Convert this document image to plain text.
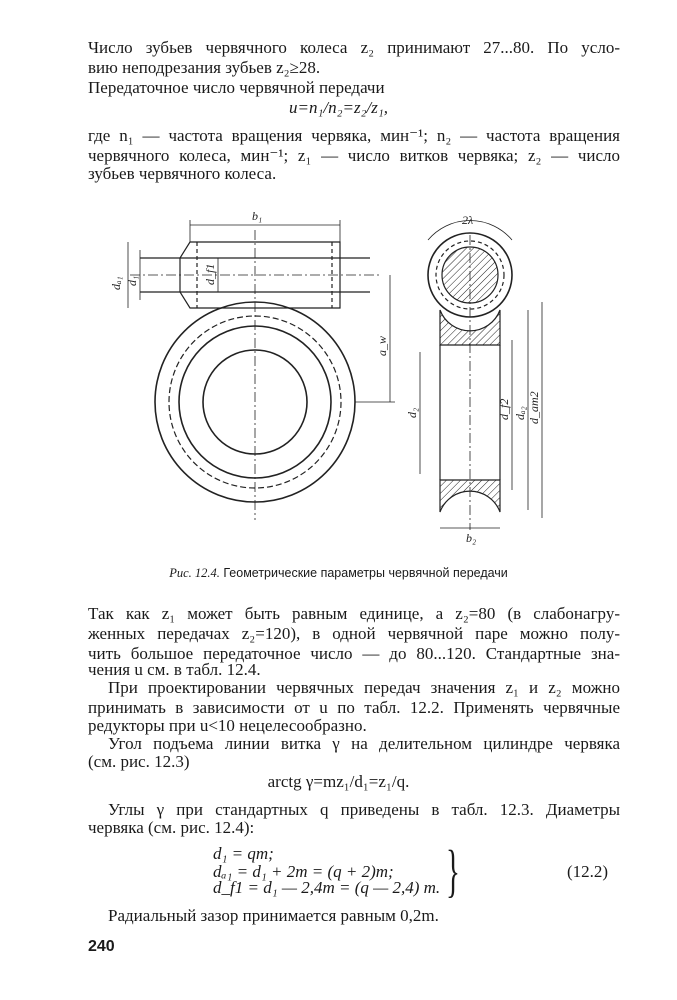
Число зубьев червячного колеса z₂ принимают 27...80. По усло-
вию неподрезания зубьев z₂≥28.
Передаточное число червячной передачи
u=n₁/n₂=z₂/z₁,
где n₁ — частота вращения червяка, мин⁻¹; n₂ — частота вращения
червячного колеса, мин⁻¹; z₁ — число витков червяка; z₂ — число
зубьев червячного колеса.
b₁
dₐ₁ d₁	d_f1
a_w
2λ
d₂	d_f2 dₐ₂ d_am2
b₂
Рис. 12.4. Геометрические параметры червячной передачи
Так как z₁ может быть равным единице, а z₂=80 (в слабонагру-
женных передачах z₂=120), в одной червячной паре можно полу-
чить большое передаточное число — до 80...120. Стандартные зна-
чения u см. в табл. 12.4.
При проектировании червячных передач значения z₁ и z₂ можно
принимать в зависимости от u по табл. 12.2. Применять червячные
редукторы при u<10 нецелесообразно.
Угол подъема линии витка γ на делительном цилиндре червяка
(см. рис. 12.3)
arctg γ=mz₁/d₁=z₁/q.
Углы γ при стандартных q приведены в табл. 12.3. Диаметры
червяка (см. рис. 12.4):
d₁ = qm;
dₐ₁ = d₁ + 2m = (q + 2)m;
d_f1 = d₁ — 2,4m = (q — 2,4) m. }	(12.2)
Радиальный зазор принимается равным 0,2m.
240
